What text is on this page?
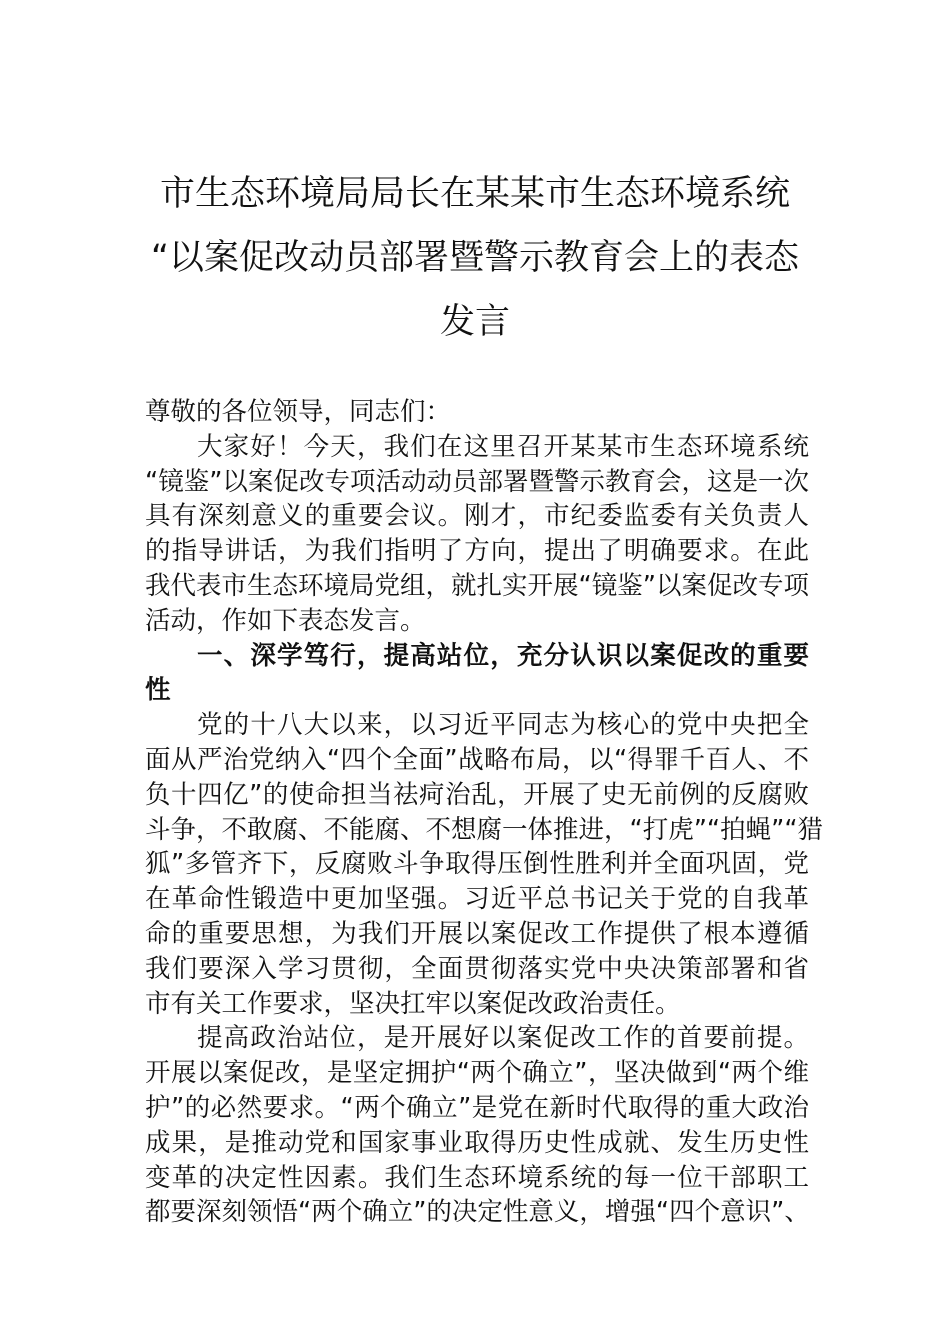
市生态环境局局长在某某市生态环境系统
“以案促改动员部署暨警示教育会上的表态
发言
尊敬的各位领导，同志们：
大家好！今天，我们在这里召开某某市生态环境系统
“镜鉴”以案促改专项活动动员部署暨警示教育会，这是一次
具有深刻意义的重要会议。刚才，市纪委监委有关负责人
的指导讲话，为我们指明了方向，提出了明确要求。在此
我代表市生态环境局党组，就扎实开展“镜鉴”以案促改专项
活动，作如下表态发言。
一、深学笃行，提高站位，充分认识以案促改的重要
性
党的十八大以来，以习近平同志为核心的党中央把全
面从严治党纳入“四个全面”战略布局，以“得罪千百人、不
负十四亿”的使命担当祛疴治乱，开展了史无前例的反腐败
斗争，不敢腐、不能腐、不想腐一体推进，“打虎”“拍蝇”“猎
狐”多管齐下，反腐败斗争取得压倒性胜利并全面巩固，党
在革命性锻造中更加坚强。习近平总书记关于党的自我革
命的重要思想，为我们开展以案促改工作提供了根本遵循
我们要深入学习贯彻，全面贯彻落实党中央决策部署和省
市有关工作要求，坚决扛牢以案促改政治责任。
提高政治站位，是开展好以案促改工作的首要前提。
开展以案促改，是坚定拥护“两个确立”，坚决做到“两个维
护”的必然要求。“两个确立”是党在新时代取得的重大政治
成果，是推动党和国家事业取得历史性成就、发生历史性
变革的决定性因素。我们生态环境系统的每一位干部职工
都要深刻领悟“两个确立”的决定性意义，增强“四个意识”、
